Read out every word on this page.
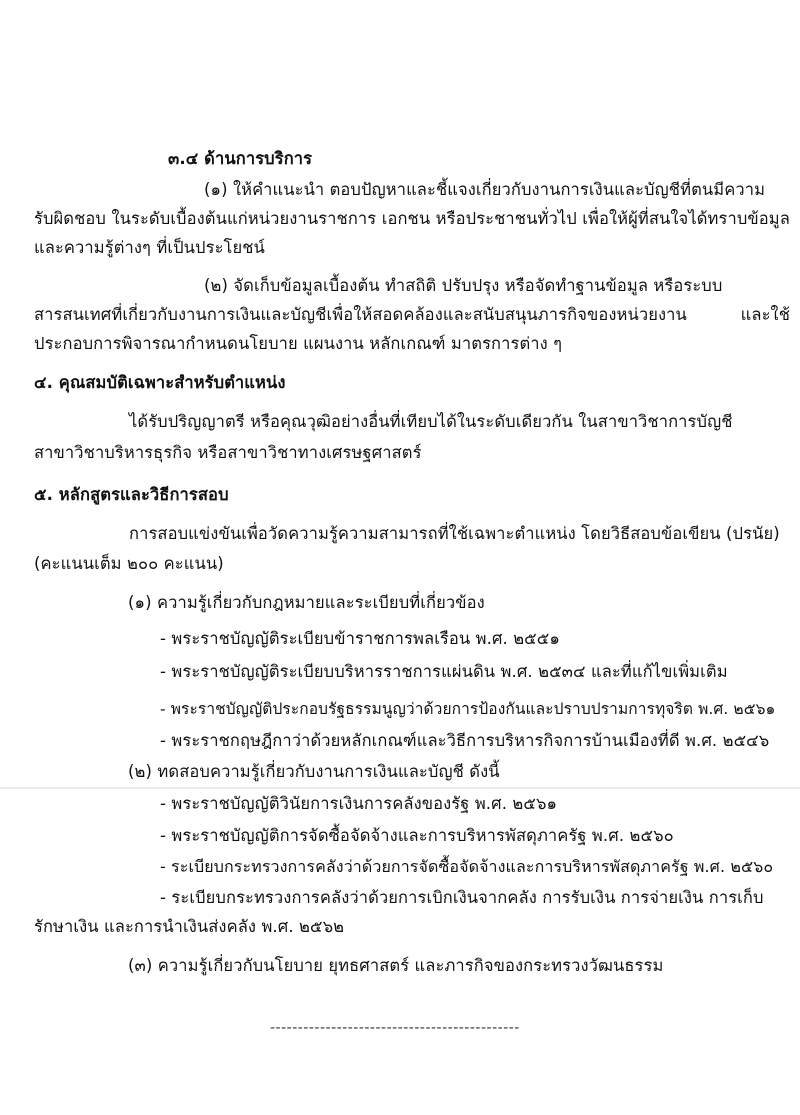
๓.๔ ด้านการบริการ
(๑) ให้คำแนะนำ ตอบปัญหาและชี้แจงเกี่ยวกับงานการเงินและบัญชีที่ตนมีความ
รับผิดชอบ ในระดับเบื้องต้นแก่หน่วยงานราชการ เอกชน หรือประชาชนทั่วไป เพื่อให้ผู้ที่สนใจได้ทราบข้อมูล
และความรู้ต่างๆ ที่เป็นประโยชน์
(๒) จัดเก็บข้อมูลเบื้องต้น ทำสถิติ ปรับปรุง หรือจัดทำฐานข้อมูล หรือระบบ
สารสนเทศที่เกี่ยวกับงานการเงินและบัญชีเพื่อให้สอดคล้องและสนับสนุนภารกิจของหน่วยงาน และใช้
ประกอบการพิจารณากำหนดนโยบาย แผนงาน หลักเกณฑ์ มาตรการต่าง ๆ
๔. คุณสมบัติเฉพาะสำหรับตำแหน่ง
ได้รับปริญญาตรี หรือคุณวุฒิอย่างอื่นที่เทียบได้ในระดับเดียวกัน ในสาขาวิชาการบัญชี
สาขาวิชาบริหารธุรกิจ หรือสาขาวิชาทางเศรษฐศาสตร์
๕. หลักสูตรและวิธีการสอบ
การสอบแข่งขันเพื่อวัดความรู้ความสามารถที่ใช้เฉพาะตำแหน่ง โดยวิธีสอบข้อเขียน (ปรนัย)
(คะแนนเต็ม ๒๐๐ คะแนน)
(๑) ความรู้เกี่ยวกับกฎหมายและระเบียบที่เกี่ยวข้อง
- พระราชบัญญัติระเบียบข้าราชการพลเรือน พ.ศ. ๒๕๕๑
- พระราชบัญญัติระเบียบบริหารราชการแผ่นดิน พ.ศ. ๒๕๓๔ และที่แก้ไขเพิ่มเติม
- พระราชบัญญัติประกอบรัฐธรรมนูญว่าด้วยการป้องกันและปราบปรามการทุจริต พ.ศ. ๒๕๖๑
- พระราชกฤษฎีกาว่าด้วยหลักเกณฑ์และวิธีการบริหารกิจการบ้านเมืองที่ดี พ.ศ. ๒๕๔๖
(๒) ทดสอบความรู้เกี่ยวกับงานการเงินและบัญชี ดังนี้
- พระราชบัญญัติวินัยการเงินการคลังของรัฐ พ.ศ. ๒๕๖๑
- พระราชบัญญัติการจัดซื้อจัดจ้างและการบริหารพัสดุภาครัฐ พ.ศ. ๒๕๖๐
- ระเบียบกระทรวงการคลังว่าด้วยการจัดซื้อจัดจ้างและการบริหารพัสดุภาครัฐ พ.ศ. ๒๕๖๐
- ระเบียบกระทรวงการคลังว่าด้วยการเบิกเงินจากคลัง การรับเงิน การจ่ายเงิน การเก็บ
รักษาเงิน และการนำเงินส่งคลัง พ.ศ. ๒๕๖๒
(๓) ความรู้เกี่ยวกับนโยบาย ยุทธศาสตร์ และภารกิจของกระทรวงวัฒนธรรม
---------------------------------------------
